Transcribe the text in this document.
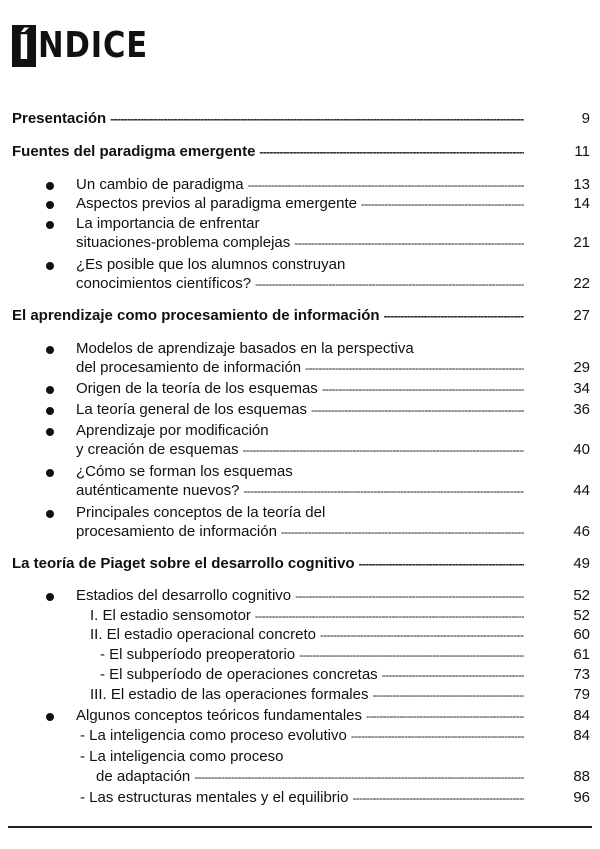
Í NDICE
Presentación - - -	9
Fuentes del paradigma emergente - - -	11
Un cambio de paradigma - - -	13
Aspectos previos al paradigma emergente - - -	14
La importancia de enfrentar
situaciones-problema complejas - - -	21
¿Es posible que los alumnos construyan
conocimientos científicos? - - -	22
El aprendizaje como procesamiento de información - - -	27
Modelos de aprendizaje basados en la perspectiva
del procesamiento de información - - -	29
Origen de la teoría de los esquemas - - -	34
La teoría general de los esquemas - - -	36
Aprendizaje por modificación
y creación de esquemas - - -	40
¿Cómo se forman los esquemas
auténticamente nuevos? - - -	44
Principales conceptos de la teoría del
procesamiento de información - - -	46
La teoría de Piaget sobre el desarrollo cognitivo - - -	49
Estadios del desarrollo cognitivo - - -	52
I. El estadio sensomotor - - -	52
II. El estadio operacional concreto - - -	60
- El subperíodo preoperatorio - - -	61
- El subperíodo de operaciones concretas - - -	73
III. El estadio de las operaciones formales - - -	79
Algunos conceptos teóricos fundamentales - - -	84
- La inteligencia como proceso evolutivo - - -	84
- La inteligencia como proceso
de adaptación - - -	88
- Las estructuras mentales y el equilibrio - - -	96
